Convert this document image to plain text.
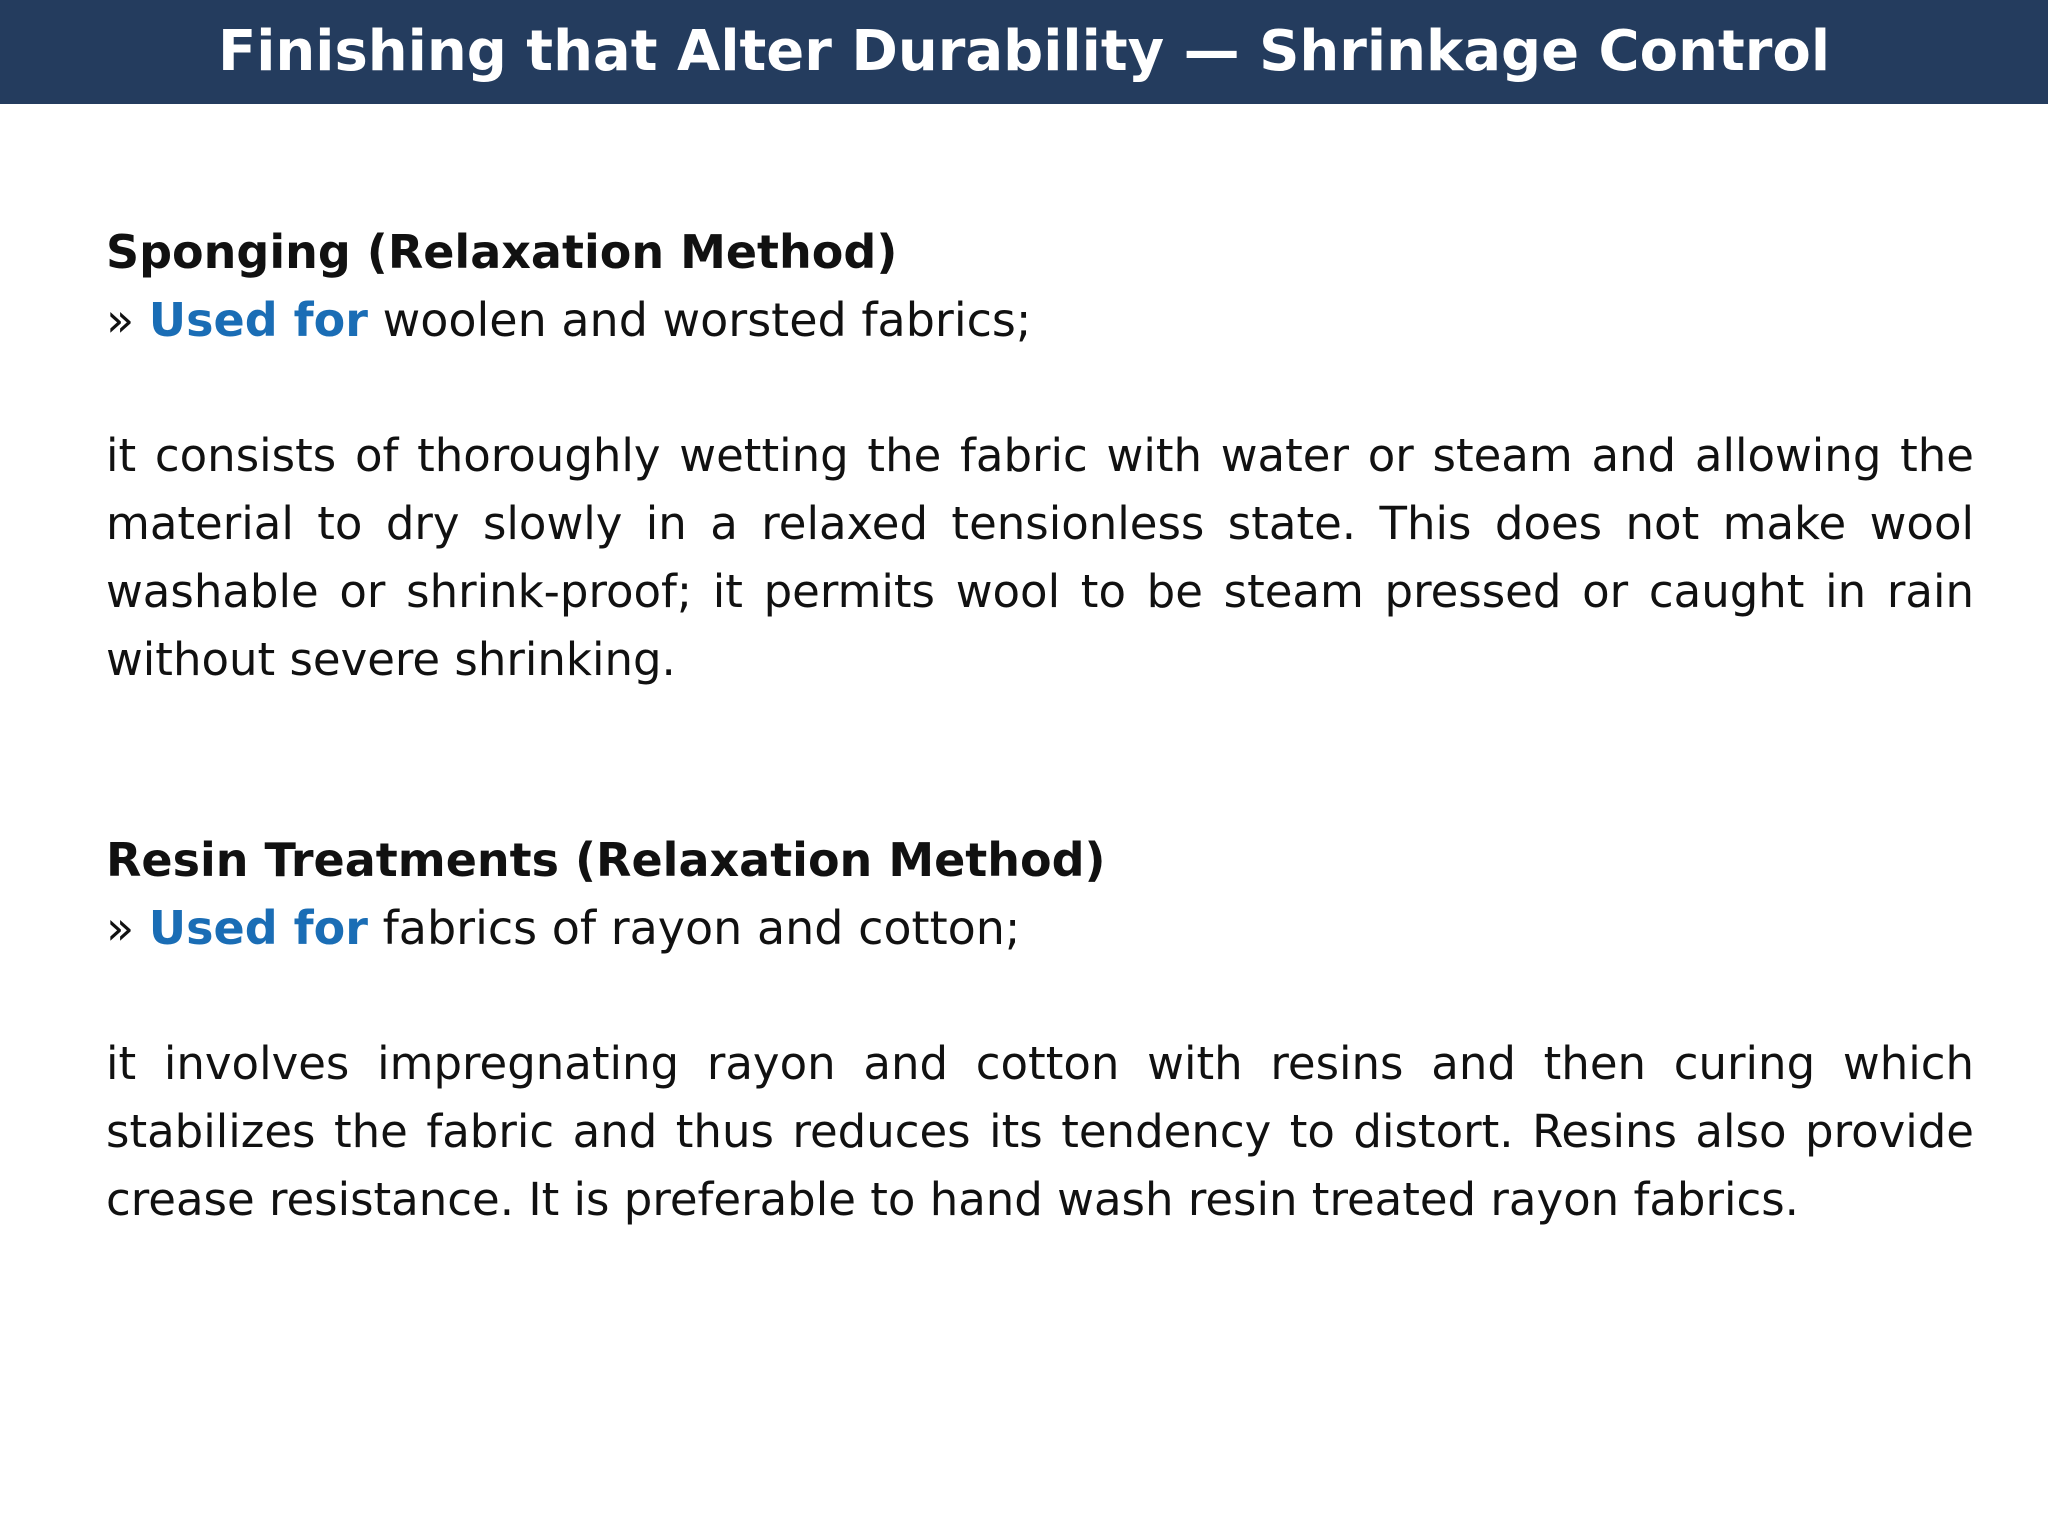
Finishing that Alter Durability — Shrinkage Control

Sponging (Relaxation Method)

» Used for woolen and worsted fabrics;

it consists of thoroughly wetting the fabric with water or steam and allowing the material to dry slowly in a relaxed tensionless state. This does not make wool washable or shrink-proof; it permits wool to be steam pressed or caught in rain without severe shrinking.

Resin Treatments (Relaxation Method)

» Used for fabrics of rayon and cotton;

it involves impregnating rayon and cotton with resins and then curing which stabilizes the fabric and thus reduces its tendency to distort. Resins also provide crease resistance. It is preferable to hand wash resin treated rayon fabrics.
